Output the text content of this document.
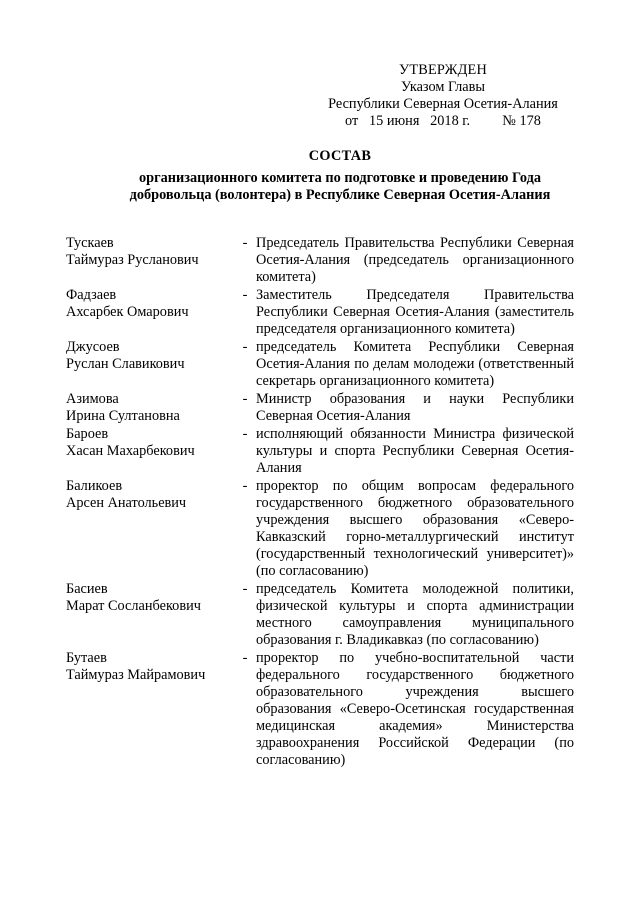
УТВЕРЖДЕН
Указом Главы
Республики Северная Осетия-Алания
от   15 июня   2018 г.         № 178
СОСТАВ
организационного комитета по подготовке и проведению Года
добровольца (волонтера) в Республике Северная Осетия-Алания
Тускаев
Таймураз Русланович
- Председатель Правительства Республики Северная Осетия-Алания (председатель организационного комитета)
Фадзаев
Ахсарбек Омарович
- Заместитель Председателя Правительства Республики Северная Осетия-Алания (заместитель председателя организационного комитета)
Джусоев
Руслан Славикович
- председатель Комитета Республики Северная Осетия-Алания по делам молодежи (ответственный секретарь организационного комитета)
Азимова
Ирина Султановна
- Министр образования и науки Республики Северная Осетия-Алания
Бароев
Хасан Махарбекович
- исполняющий обязанности Министра физической культуры и спорта Республики Северная Осетия-Алания
Баликоев
Арсен Анатольевич
- проректор по общим вопросам федерального государственного бюджетного образовательного учреждения высшего образования «Северо-Кавказский горно-металлургический институт (государственный технологический университет)» (по согласованию)
Басиев
Марат Сосланбекович
- председатель Комитета молодежной политики, физической культуры и спорта администрации местного самоуправления муниципального образования г. Владикавказ (по согласованию)
Бутаев
Таймураз Майрамович
- проректор по учебно-воспитательной части федерального государственного бюджетного образовательного учреждения высшего образования «Северо-Осетинская государственная медицинская академия» Министерства здравоохранения Российской Федерации (по согласованию)
